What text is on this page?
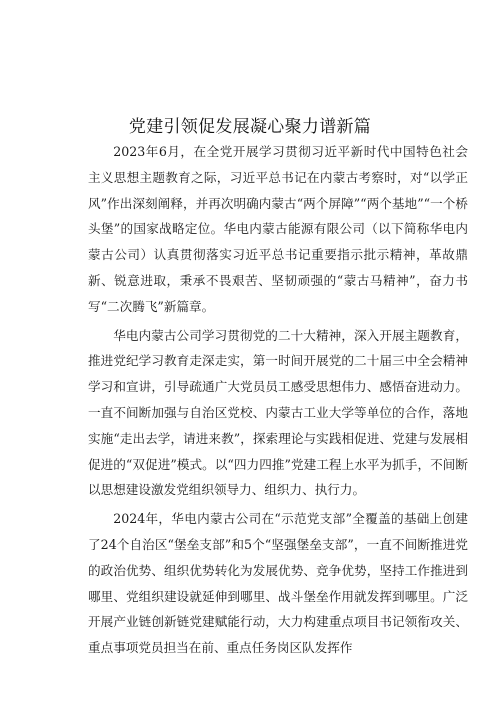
党建引领促发展凝心聚力谱新篇

2023年6月，在全党开展学习贯彻习近平新时代中国特色社会主义思想主题教育之际，习近平总书记在内蒙古考察时，对“以学正风”作出深刻阐释，并再次明确内蒙古“两个屏障”“两个基地”“一个桥头堡”的国家战略定位。华电内蒙古能源有限公司（以下简称华电内蒙古公司）认真贯彻落实习近平总书记重要指示批示精神，革故鼎新、锐意进取，秉承不畏艰苦、坚韧顽强的“蒙古马精神”，奋力书写“二次腾飞”新篇章。

华电内蒙古公司学习贯彻党的二十大精神，深入开展主题教育，推进党纪学习教育走深走实，第一时间开展党的二十届三中全会精神学习和宣讲，引导疏通广大党员员工感受思想伟力、感悟奋进动力。一直不间断加强与自治区党校、内蒙古工业大学等单位的合作，落地实施“走出去学，请进来教”，探索理论与实践相促进、党建与发展相促进的“双促进”模式。以“四力四推”党建工程上水平为抓手，不间断以思想建设激发党组织领导力、组织力、执行力。

2024年，华电内蒙古公司在“示范党支部”全覆盖的基础上创建了24个自治区“堡垒支部”和5个“坚强堡垒支部”，一直不间断推进党的政治优势、组织优势转化为发展优势、竞争优势，坚持工作推进到哪里、党组织建设就延伸到哪里、战斗堡垒作用就发挥到哪里。广泛开展产业链创新链党建赋能行动，大力构建重点项目书记领衔攻关、重点事项党员担当在前、重点任务岗区队发挥作
